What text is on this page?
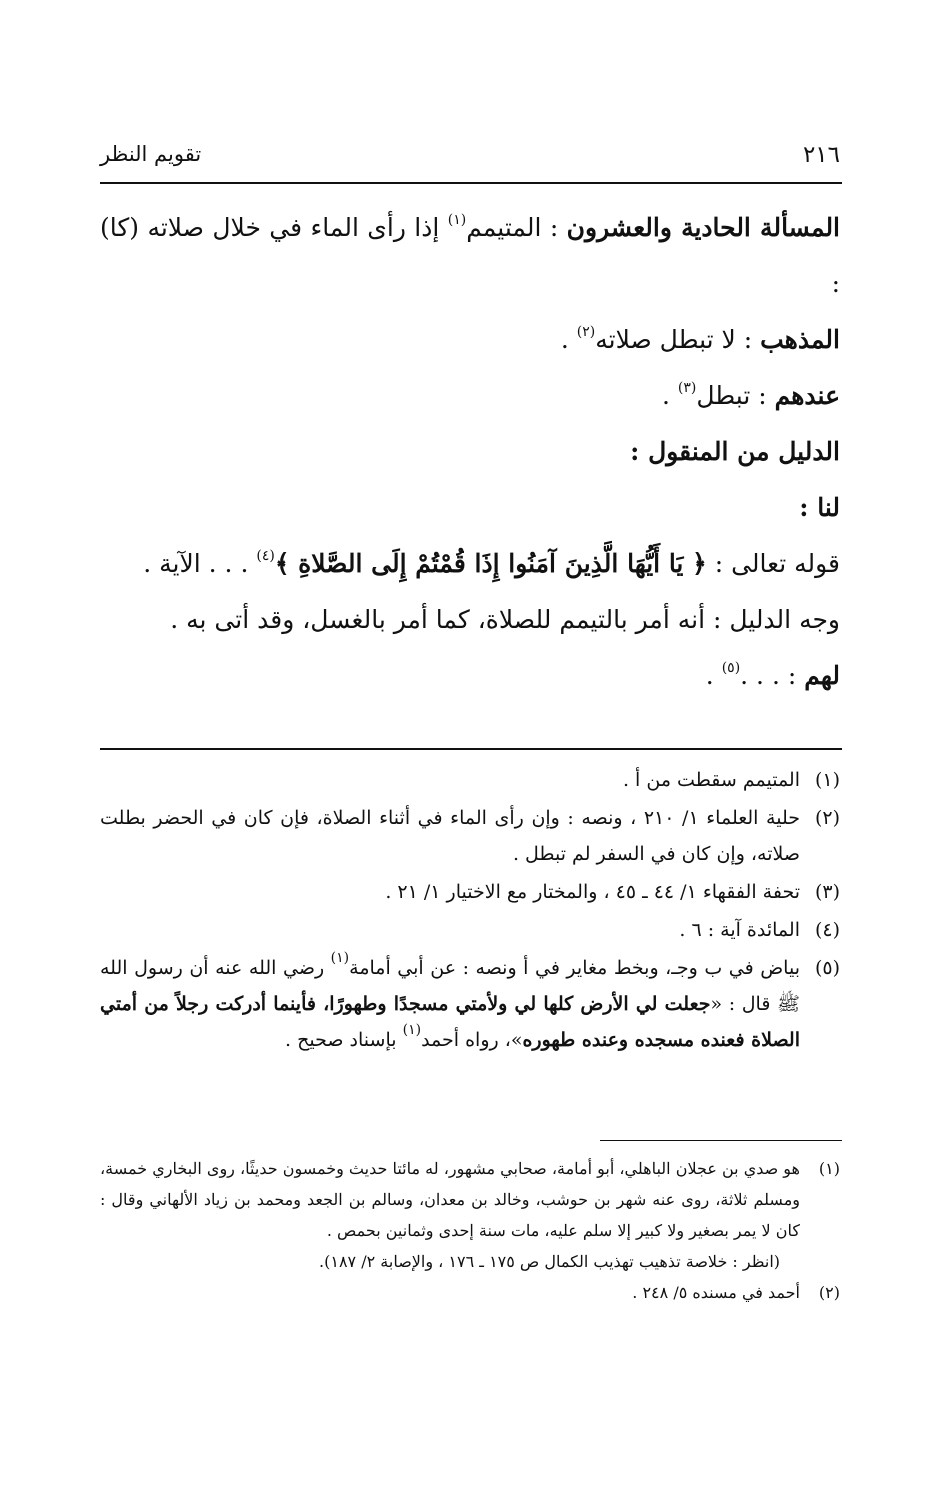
٢١٦
تقويم النظر

المسألة الحادية والعشرون : المتيمم$^{(١)}$ إذا رأى الماء في خلال صلاته (كا) :

المذهب : لا تبطل صلاته$^{(٢)}$ .

عندهم : تبطل$^{(٣)}$ .

الدليل من المنقول :

لنا :

قوله تعالى : ﴿ يَا أَيُّهَا الَّذِينَ آمَنُوا إِذَا قُمْتُمْ إِلَى الصَّلاةِ ﴾$^{(٤)}$ . . . الآية .

وجه الدليل : أنه أمر بالتيمم للصلاة، كما أمر بالغسل، وقد أتى به .

لهم : . . .$^{(٥)}$ .

(١)
المتيمم سقطت من أ .
(٢)
حلية العلماء ١/ ٢١٠ ، ونصه : وإن رأى الماء في أثناء الصلاة، فإن كان في الحضر بطلت صلاته، وإن كان في السفر لم تبطل .
(٣)
تحفة الفقهاء ١/ ٤٤ ـ ٤٥ ، والمختار مع الاختيار ١/ ٢١ .
(٤)
المائدة آية : ٦ .
(٥)
بياض في ب وجـ، وبخط مغاير في أ ونصه : عن أبي أمامة$^{(١)}$ رضي الله عنه أن رسول الله ﷺ قال : «جعلت لي الأرض كلها لي ولأمتي مسجدًا وطهورًا، فأينما أدركت رجلاً من أمتي الصلاة فعنده مسجده وعنده طهوره»، رواه أحمد$^{(١)}$ بإسناد صحيح .
(١)
هو صدي بن عجلان الباهلي، أبو أمامة، صحابي مشهور، له مائتا حديث وخمسون حديثًا، روى البخاري خمسة، ومسلم ثلاثة، روى عنه شهر بن حوشب، وخالد بن معدان، وسالم بن الجعد ومحمد بن زياد الألهاني وقال : كان لا يمر بصغير ولا كبير إلا سلم عليه، مات سنة إحدى وثمانين بحمص .
(انظر : خلاصة تذهيب تهذيب الكمال ص ١٧٥ ـ ١٧٦ ، والإصابة ٢/ ١٨٧).
(٢)
أحمد في مسنده ٥/ ٢٤٨ .
